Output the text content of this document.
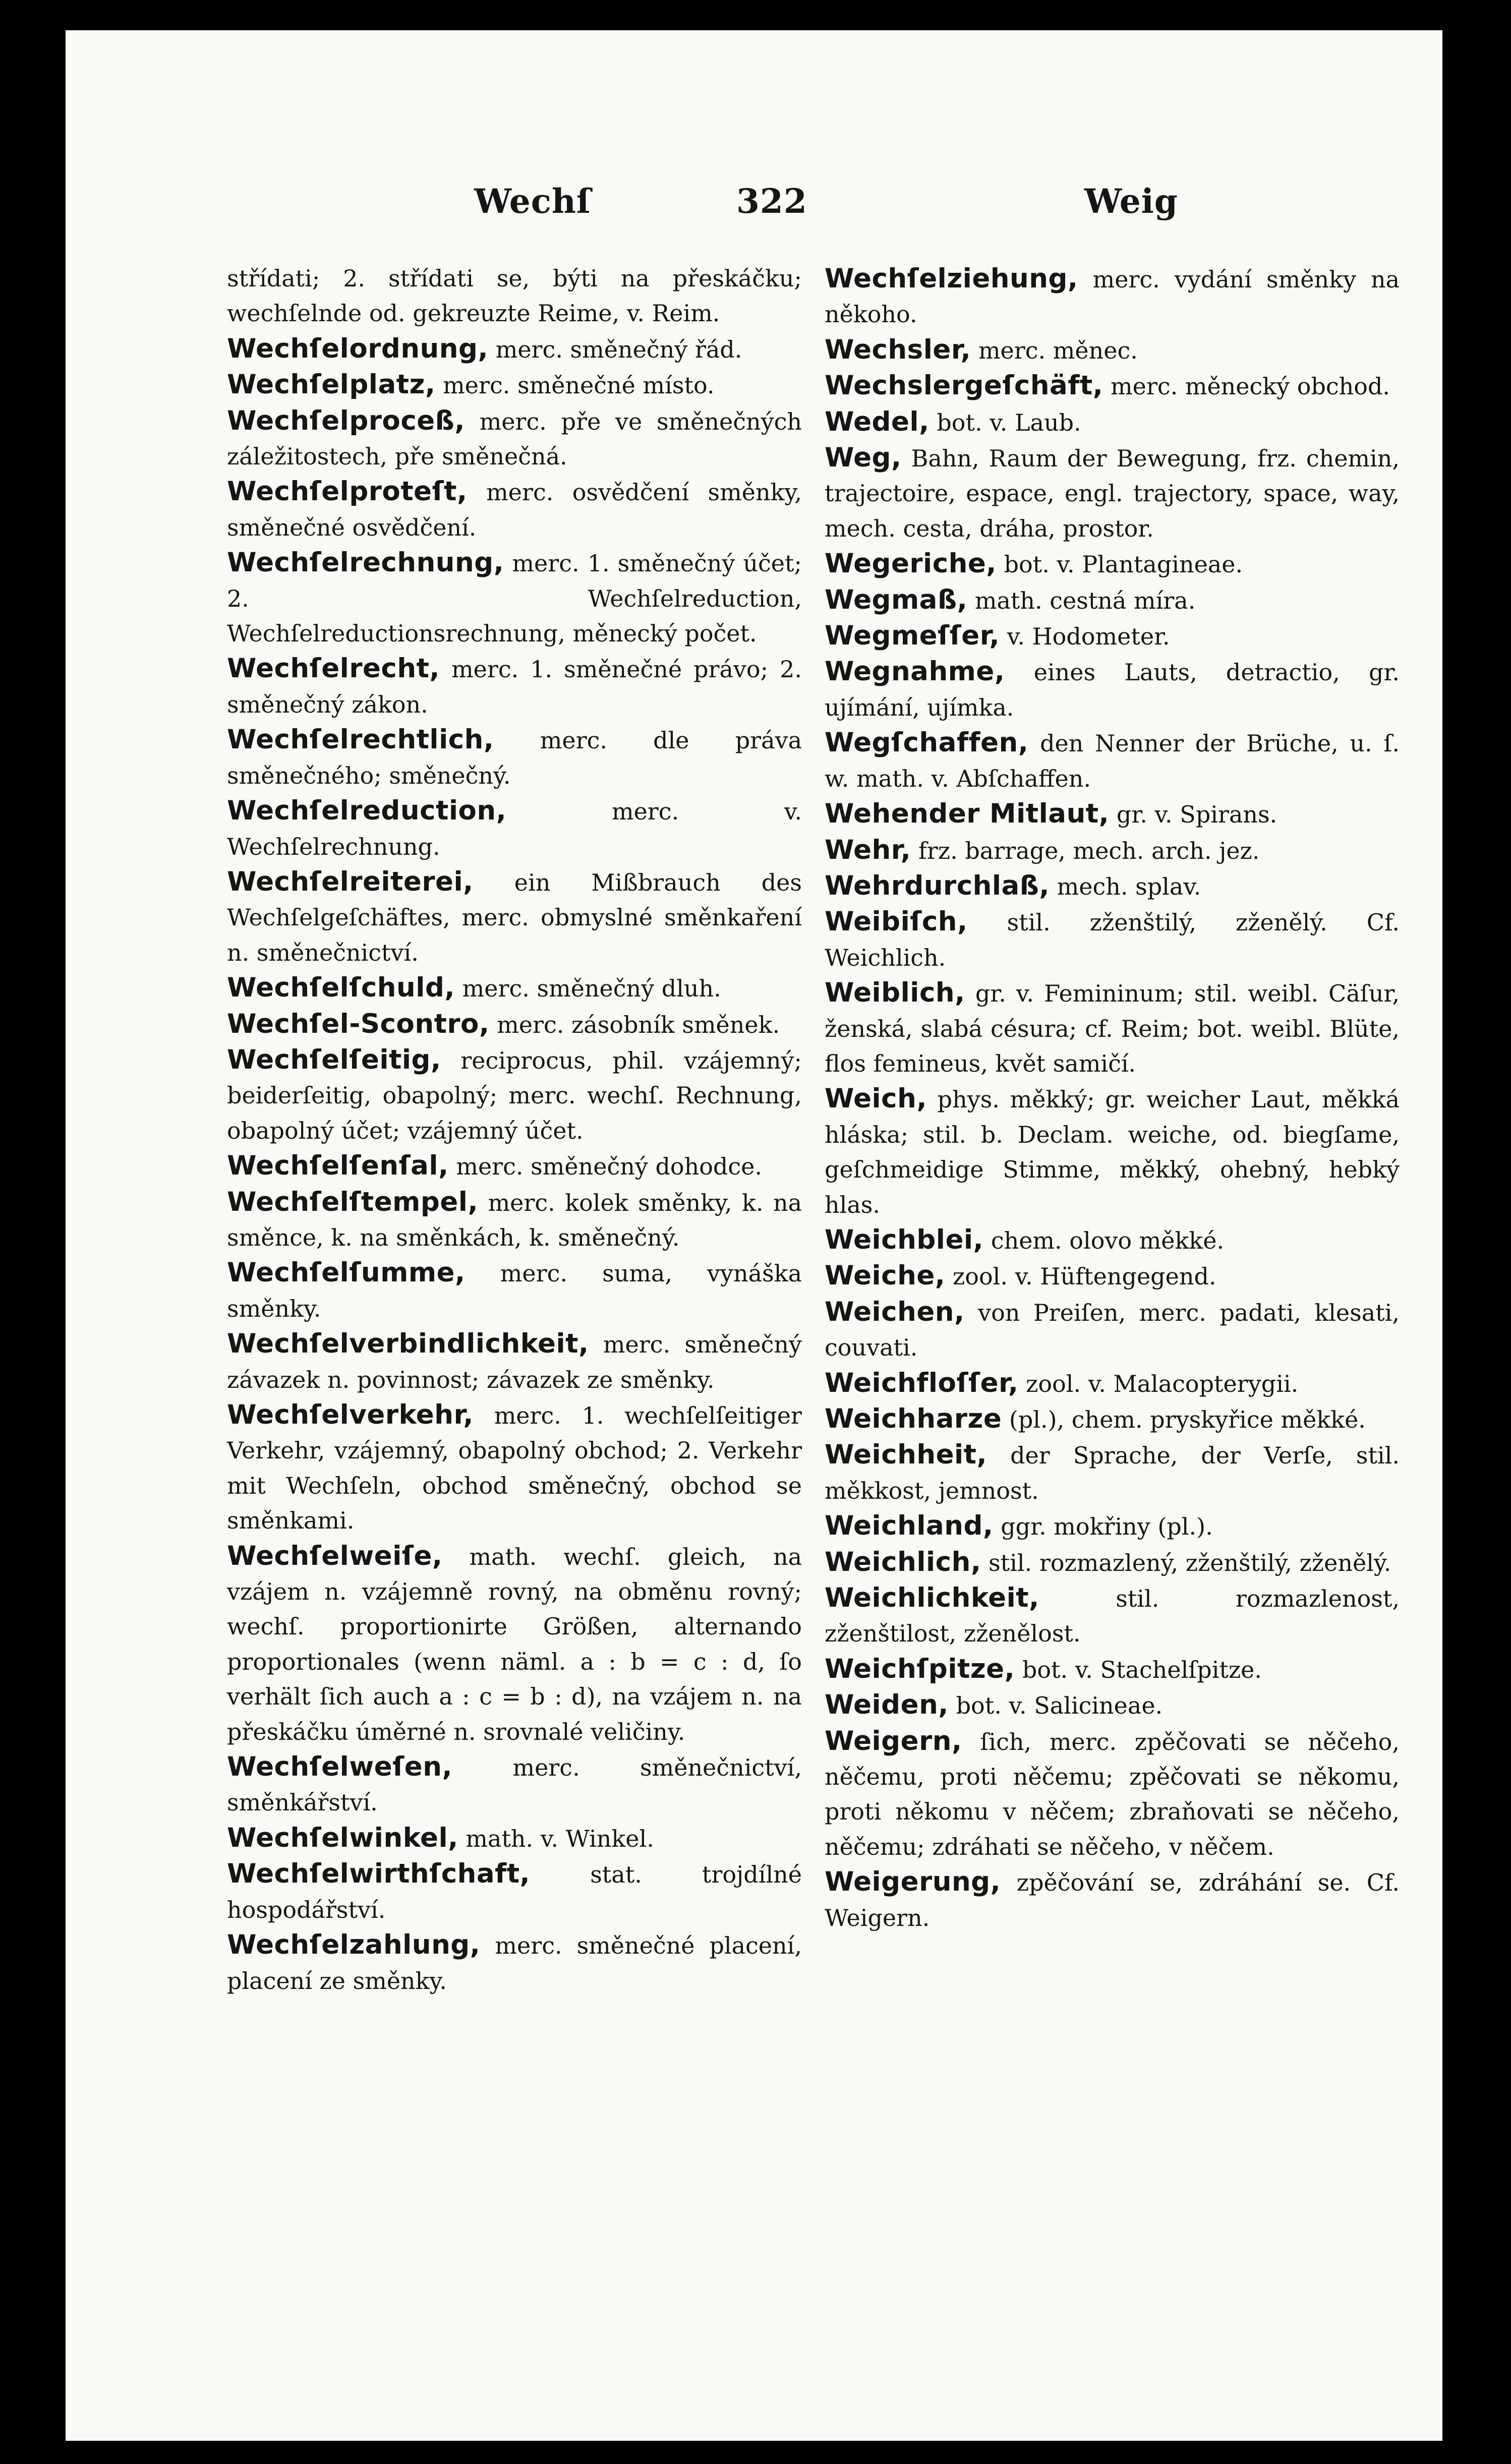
Wechſ	322	Weig
střídati; 2. střídati se, býti na přeskáčku; wechſelnde od. gekreuzte Reime, v. Reim.
Wechſelordnung, merc. směnečný řád.
Wechſelplatz, merc. směnečné místo.
Wechſelproceß, merc. pře ve směnečných záležitostech, pře směnečná.
Wechſelproteſt, merc. osvědčení směnky, směnečné osvědčení.
Wechſelrechnung, merc. 1. směnečný účet; 2. Wechſelreduction, Wechſelreductionsrechnung, měnecký počet.
Wechſelrecht, merc. 1. směnečné právo; 2. směnečný zákon.
Wechſelrechtlich, merc. dle práva směnečného; směnečný.
Wechſelreduction,	merc. v. Wechſelrechnung.
Wechſelreiterei, ein Mißbrauch des Wechſelgeſchäftes, merc. obmyslné směnkaření n. směnečnictví.
Wechſelſchuld, merc. směnečný dluh.
Wechſel-Scontro, merc. zásobník směnek.
Wechſelſeitig, reciprocus, phil. vzájemný; beiderſeitig, obapolný; merc. wechſ. Rechnung, obapolný účet; vzájemný účet.
Wechſelſenſal, merc. směnečný dohodce.
Wechſelſtempel, merc. kolek směnky, k. na směnce, k. na směnkách, k. směnečný.
Wechſelſumme, merc. suma, vynáška směnky.
Wechſelverbindlichkeit, merc. směnečný závazek n. povinnost; závazek ze směnky.
Wechſelverkehr, merc. 1. wechſelſeitiger Verkehr, vzájemný, obapolný obchod; 2. Verkehr mit Wechſeln, obchod směnečný, obchod se směnkami.
Wechſelweiſe, math. wechſ. gleich, na vzájem n. vzájemně rovný, na obměnu rovný; wechſ. proportionirte Größen, alternando proportionales (wenn näml. a : b = c : d, ſo verhält ſich auch a : c = b : d), na vzájem n. na přeskáčku úměrné n. srovnalé veličiny.
Wechſelweſen,	merc. směnečnictví, směnkářství.
Wechſelwinkel, math. v. Winkel.
Wechſelwirthſchaft,	stat. trojdílné hospodářství.
Wechſelzahlung, merc. směnečné placení, placení ze směnky.
Wechſelziehung, merc. vydání směnky na někoho.
Wechsler, merc. měnec.
Wechslergeſchäft, merc. měnecký obchod.
Wedel, bot. v. Laub.
Weg, Bahn, Raum der Bewegung, frz. chemin, trajectoire, espace, engl. trajectory, space, way, mech. cesta, dráha, prostor.
Wegeriche, bot. v. Plantagineae.
Wegmaß, math. cestná míra.
Wegmeſſer, v. Hodometer.
Wegnahme, eines Lauts, detractio, gr. ujímání, ujímka.
Wegſchaffen, den Nenner der Brüche, u. ſ. w. math. v. Abſchaffen.
Wehender Mitlaut, gr. v. Spirans.
Wehr, frz. barrage, mech. arch. jez.
Wehrdurchlaß, mech. splav.
Weibiſch, stil. zženštilý, zženělý. Cf. Weichlich.
Weiblich, gr. v. Femininum; stil. weibl. Cäſur, ženská, slabá césura; cf. Reim; bot. weibl. Blüte, flos femineus, květ samičí.
Weich, phys. měkký; gr. weicher Laut, měkká hláska; stil. b. Declam. weiche, od. biegſame, geſchmeidige Stimme, měkký, ohebný, hebký hlas.
Weichblei, chem. olovo měkké.
Weiche, zool. v. Hüftengegend.
Weichen, von Preiſen, merc. padati, klesati, couvati.
Weichfloſſer, zool. v. Malacopterygii.
Weichharze (pl.), chem. pryskyřice měkké.
Weichheit, der Sprache, der Verſe, stil. měkkost, jemnost.
Weichland, ggr. mokřiny (pl.).
Weichlich, stil. rozmazlený, zženštilý, zženělý.
Weichlichkeit,	stil. rozmazlenost, zženštilost, zženělost.
Weichſpitze, bot. v. Stachelſpitze.
Weiden, bot. v. Salicineae.
Weigern, ſich, merc. zpěčovati se něčeho, něčemu, proti něčemu; zpěčovati se někomu, proti někomu v něčem; zbraňovati se něčeho, něčemu; zdráhati se něčeho, v něčem.
Weigerung, zpěčování se, zdráhání se. Cf. Weigern.
